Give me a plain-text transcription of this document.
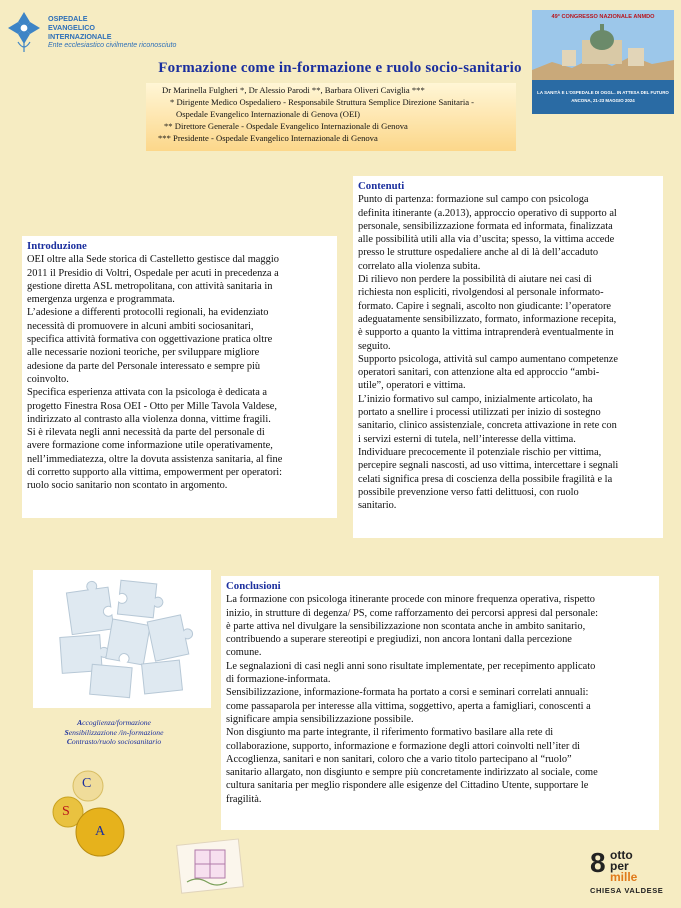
OSPEDALE
EVANGELICO
INTERNAZIONALE
Ente ecclesiastico civilmente riconosciuto
Formazione come in-formazione e ruolo socio-sanitario
Dr Marinella Fulgheri *, Dr Alessio Parodi **, Barbara Oliveri Caviglia ***
* Dirigente Medico Ospedaliero - Responsabile Struttura Semplice Direzione Sanitaria -
Ospedale Evangelico Internazionale di Genova (OEI)
** Direttore Generale - Ospedale Evangelico Internazionale di Genova
*** Presidente - Ospedale Evangelico Internazionale di Genova
49° CONGRESSO NAZIONALE ANMDO
LA SANITÀ E L'OSPEDALE DI OGGI... IN ATTESA DEL FUTURO
ANCONA, 21-23 MAGGIO 2024
Contenuti
Punto di partenza: formazione sul campo con psicologa
definita itinerante (a.2013), approccio operativo di supporto al
personale, sensibilizzazione formata ed informata, finalizzata
alle possibilità utili alla via d’uscita; spesso, la vittima accede
presso le strutture ospedaliere anche al di là dell’accaduto
correlato alla violenza subita.
Di rilievo non perdere la possibilità di aiutare nei casi di
richiesta non espliciti, rivolgendosi al personale informato-
formato. Capire i segnali, ascolto non giudicante: l’operatore
adeguatamente sensibilizzato, formato, informazione recepita,
è supporto a quanto la vittima intraprenderà eventualmente in
seguito.
Supporto psicologa, attività sul campo aumentano competenze
operatori sanitari, con attenzione alta ed approccio “ambi-
utile”, operatori e vittima.
L’inizio formativo sul campo, inizialmente articolato, ha
portato a snellire i processi utilizzati per inizio di sostegno
sanitario, clinico assistenziale, concreta attivazione in rete con
i servizi esterni di tutela, nell’interesse della vittima.
Individuare precocemente il potenziale rischio per vittima,
percepire segnali nascosti, ad uso vittima, intercettare i segnali
celati significa presa di coscienza della possibile fragilità e la
possibile prevenzione verso fatti delittuosi, con ruolo
sanitario.
Introduzione
OEI oltre alla Sede storica di Castelletto gestisce dal maggio
2011 il Presidio di Voltri, Ospedale per acuti in precedenza a
gestione diretta ASL metropolitana, con attività sanitaria in
emergenza urgenza e programmata.
L’adesione a differenti protocolli regionali, ha evidenziato
necessità di promuovere in alcuni ambiti sociosanitari,
specifica attività formativa con oggettivazione pratica oltre
alle necessarie nozioni teoriche, per sviluppare migliore
adesione da parte del Personale interessato e sempre più
coinvolto.
Specifica esperienza attivata con la psicologa è dedicata a
progetto Finestra Rosa OEI - Otto per Mille Tavola Valdese,
indirizzato al contrasto alla violenza donna, vittime fragili.
Si è rilevata negli anni necessità da parte del personale di
avere formazione come informazione utile operativamente,
nell’immediatezza, oltre la dovuta assistenza sanitaria, al fine
di corretto supporto alla vittima, empowerment per operatori:
ruolo socio sanitario non scontato in argomento.
Accoglienza/formazione
Sensibilizzazione /in-formazione
Contrasto/ruolo sociosanitario
C
S
A
Conclusioni
La formazione con psicologa itinerante procede con minore frequenza operativa, rispetto
inizio, in strutture di degenza/ PS, come rafforzamento dei percorsi appresi dal personale:
è parte attiva nel divulgare la sensibilizzazione non scontata anche in ambito sanitario,
contribuendo a superare stereotipi e pregiudizi, non ancora lontani dalla percezione
comune.
Le segnalazioni di casi negli anni sono risultate implementate, per recepimento applicato
di formazione-informata.
Sensibilizzazione, informazione-formata ha portato a corsi e seminari correlati annuali:
come passaparola per interesse alla vittima, soggettivo, aperta a famigliari, conoscenti a
significare ampia sensibilizzazione possibile.
Non disgiunto ma parte integrante, il riferimento formativo basilare alla rete di
collaborazione, supporto, informazione e formazione degli attori coinvolti nell’iter di
Accoglienza, sanitari e non sanitari, coloro che a vario titolo partecipano al “ruolo”
sanitario allargato, non disgiunto e sempre più concretamente indirizzato al sociale, come
cultura sanitaria per meglio rispondere alle esigenze del Cittadino Utente, supportare le
fragilità.
8 otto
per
mille
CHIESA VALDESE
